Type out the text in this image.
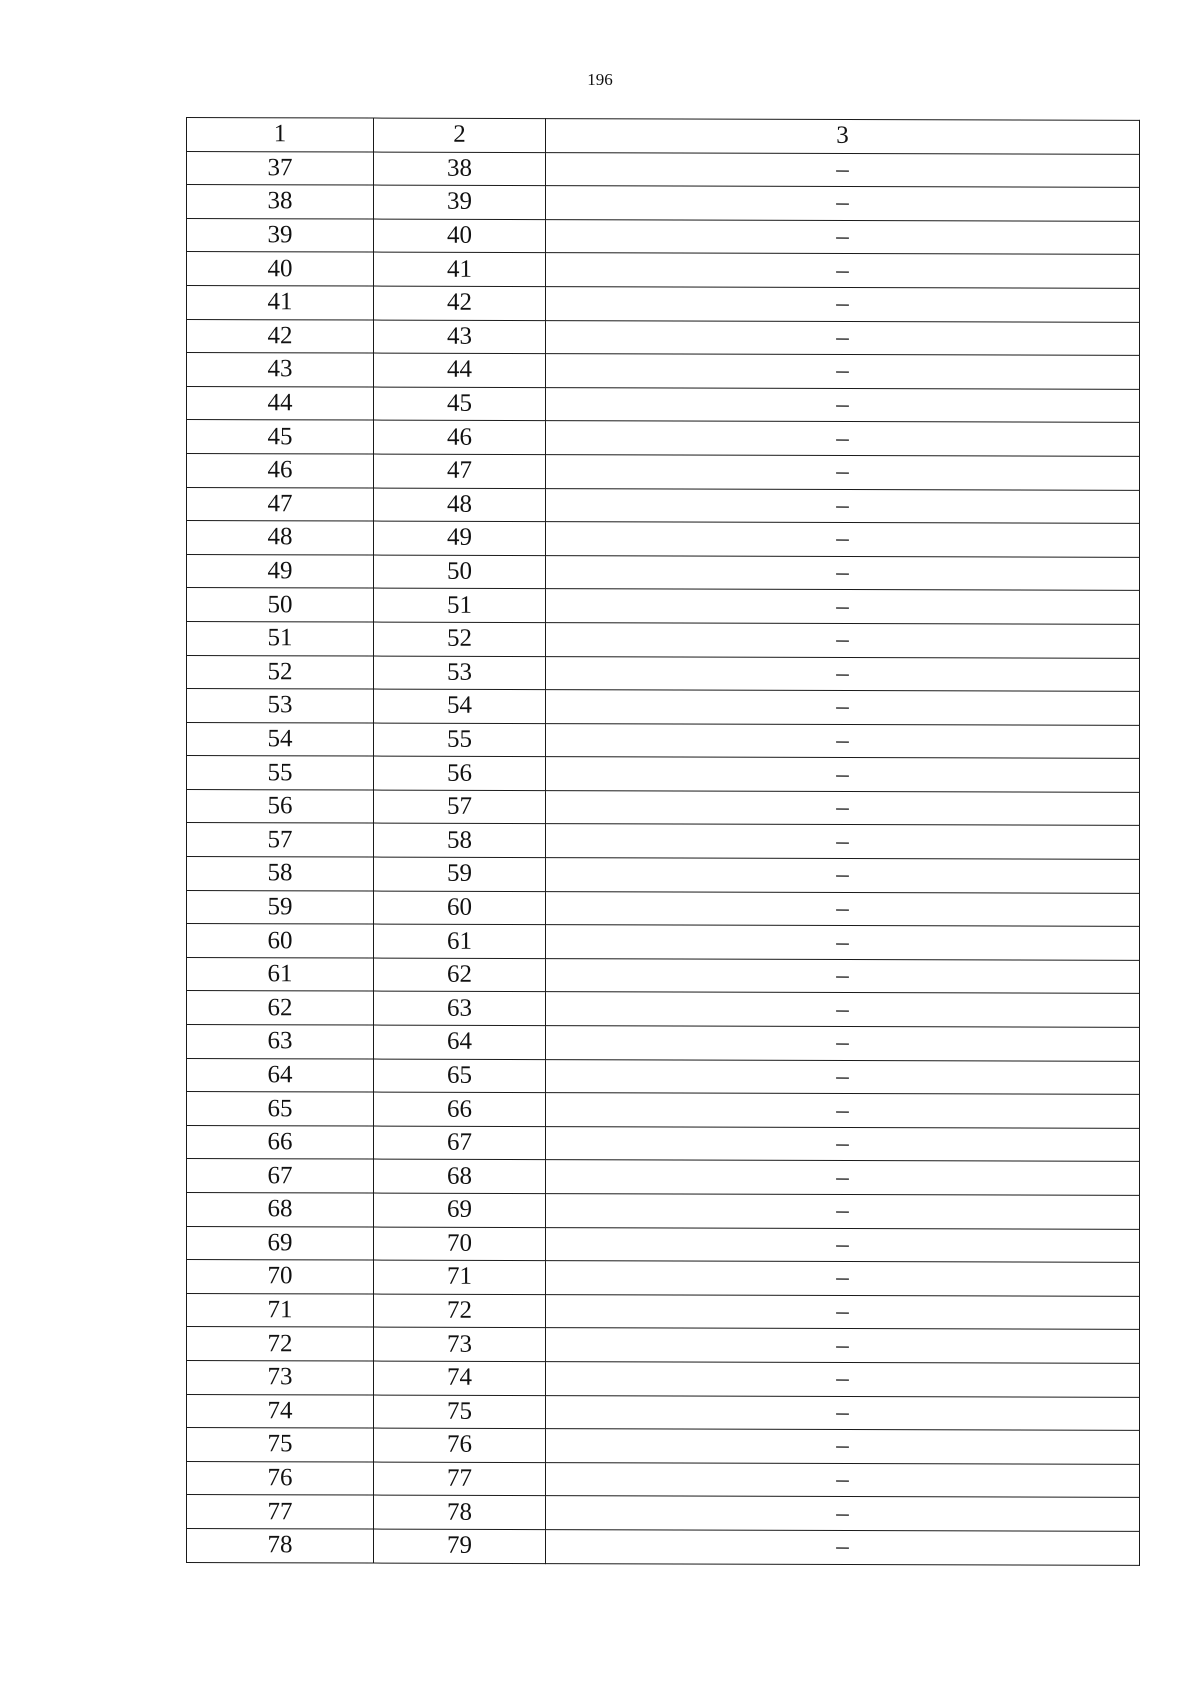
196
1	2	3
37	38	–
38	39	–
39	40	–
40	41	–
41	42	–
42	43	–
43	44	–
44	45	–
45	46	–
46	47	–
47	48	–
48	49	–
49	50	–
50	51	–
51	52	–
52	53	–
53	54	–
54	55	–
55	56	–
56	57	–
57	58	–
58	59	–
59	60	–
60	61	–
61	62	–
62	63	–
63	64	–
64	65	–
65	66	–
66	67	–
67	68	–
68	69	–
69	70	–
70	71	–
71	72	–
72	73	–
73	74	–
74	75	–
75	76	–
76	77	–
77	78	–
78	79	–
